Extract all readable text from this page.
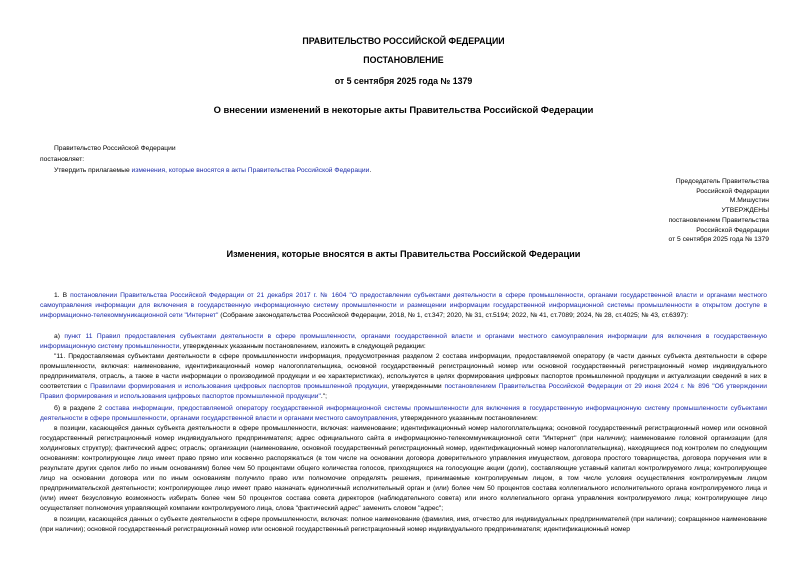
ПРАВИТЕЛЬСТВО РОССИЙСКОЙ ФЕДЕРАЦИИ
ПОСТАНОВЛЕНИЕ
от 5 сентября 2025 года № 1379
О внесении изменений в некоторые акты Правительства Российской Федерации
Правительство Российской Федерации
постановляет:
Утвердить прилагаемые изменения, которые вносятся в акты Правительства Российской Федерации.
Председатель Правительства
Российской Федерации
М.Мишустин
УТВЕРЖДЕНЫ
постановлением Правительства
Российской Федерации
от 5 сентября 2025 года № 1379
Изменения, которые вносятся в акты Правительства Российской Федерации
1. В постановлении Правительства Российской Федерации от 21 декабря 2017 г. № 1604 "О предоставлении субъектами деятельности в сфере промышленности, органами государственной власти и органами местного самоуправления информации для включения в государственную информационную систему промышленности и размещении информации государственной информационной системы промышленности в открытом доступе в информационно-телекоммуникационной сети "Интернет" (Собрание законодательства Российской Федерации, 2018, № 1, ст.347; 2020, № 31, ст.5194; 2022, № 41, ст.7089; 2024, № 28, ст.4025; № 43, ст.6397):
а) пункт 11 Правил предоставления субъектами деятельности в сфере промышленности, органами государственной власти и органами местного самоуправления информации для включения в государственную информационную систему промышленности, утвержденных указанным постановлением, изложить в следующей редакции:
"11. Предоставляемая субъектами деятельности в сфере промышленности информация, предусмотренная разделом 2 состава информации, предоставляемой оператору (в части данных субъекта деятельности в сфере промышленности, включая: наименование, идентификационный номер налогоплательщика, основной государственный регистрационный номер или основной государственный регистрационный номер индивидуального предпринимателя, отрасль, а также в части информации о производимой продукции и ее характеристиках), используется в целях формирования цифровых паспортов промышленной продукции и актуализации сведений в них в соответствии с Правилами формирования и использования цифровых паспортов промышленной продукции, утвержденными постановлением Правительства Российской Федерации от 29 июня 2024 г. № 896 "Об утверждении Правил формирования и использования цифровых паспортов промышленной продукции".";
б) в разделе 2 состава информации, предоставляемой оператору государственной информационной системы промышленности для включения в государственную информационную систему промышленности субъектами деятельности в сфере промышленности, органами государственной власти и органами местного самоуправления, утвержденного указанным постановлением:
в позиции, касающейся данных субъекта деятельности в сфере промышленности, включая: наименование; идентификационный номер налогоплательщика; основной государственный регистрационный номер или основной государственный регистрационный номер индивидуального предпринимателя; адрес официального сайта в информационно-телекоммуникационной сети "Интернет" (при наличии); наименование головной организации (для холдинговых структур); фактический адрес; отрасль; организации (наименование, основной государственный регистрационный номер, идентификационный номер налогоплательщика), находящиеся под контролем по следующим основаниям: контролирующее лицо имеет право прямо или косвенно распоряжаться (в том числе на основании договора доверительного управления имуществом, договора простого товарищества, договора поручения или в результате других сделок либо по иным основаниям) более чем 50 процентами общего количества голосов, приходящихся на голосующие акции (доли), составляющие уставный капитал контролируемого лица; контролирующее лицо на основании договора или по иным основаниям получило право или полномочие определять решения, принимаемые контролируемым лицом, в том числе условия осуществления контролируемым лицом предпринимательской деятельности; контролирующее лицо имеет право назначать единоличный исполнительный орган и (или) более чем 50 процентов состава коллегиального исполнительного органа контролируемого лица и (или) имеет безусловную возможность избирать более чем 50 процентов состава совета директоров (наблюдательного совета) или иного коллегиального органа управления контролируемого лица; контролирующее лицо осуществляет полномочия управляющей компании контролируемого лица, слова "фактический адрес" заменить словом "адрес";
в позиции, касающейся данных о субъекте деятельности в сфере промышленности, включая: полное наименование (фамилия, имя, отчество для индивидуальных предпринимателей (при наличии); сокращенное наименование (при наличии); основной государственный регистрационный номер или основной государственный регистрационный номер индивидуального предпринимателя; идентификационный номер
